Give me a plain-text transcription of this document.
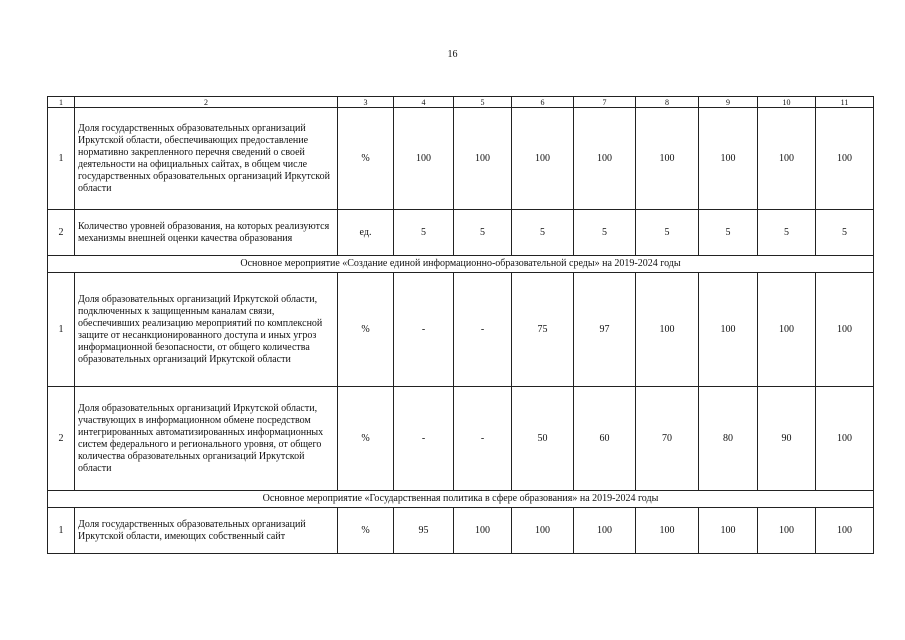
16
1	2	3	4	5	6	7	8	9	10	11
1	Доля государственных образовательных организаций Иркутской области, обеспечивающих предоставление нормативно закрепленного перечня сведений о своей деятельности на официальных сайтах, в общем числе государственных образовательных организаций Иркутской области	%	100	100	100	100	100	100	100	100
2	Количество уровней образования, на которых реализуются механизмы внешней оценки качества образования	ед.	5	5	5	5	5	5	5	5
Основное мероприятие «Создание единой информационно-образовательной среды» на 2019-2024 годы										
1	Доля образовательных организаций Иркутской области, подключенных к защищенным каналам связи, обеспечивших реализацию мероприятий по комплексной защите от несанкционированного доступа и иных угроз информационной безопасности, от общего количества образовательных организаций Иркутской области	%	-	-	75	97	100	100	100	100
2	Доля образовательных организаций Иркутской области, участвующих в информационном обмене посредством интегрированных автоматизированных информационных систем федерального и регионального уровня, от общего количества образовательных организаций Иркутской области	%	-	-	50	60	70	80	90	100
Основное мероприятие «Государственная политика в сфере образования» на 2019-2024 годы										
1	Доля государственных образовательных организаций Иркутской области, имеющих собственный сайт	%	95	100	100	100	100	100	100	100
